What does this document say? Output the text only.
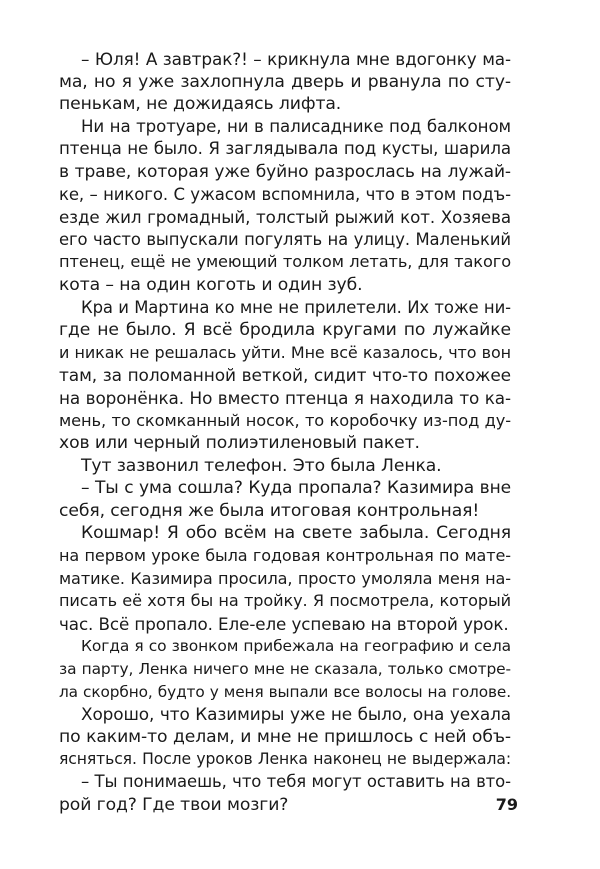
– Юля! А завтрак?! – крикнула мне вдогонку ма-
ма, но я уже захлопнула дверь и рванула по сту-
пенькам, не дожидаясь лифта.
Ни на тротуаре, ни в палисаднике под балконом
птенца не было. Я заглядывала под кусты, шарила
в траве, которая уже буйно разрослась на лужай-
ке, – никого. С ужасом вспомнила, что в этом подъ-
езде жил громадный, толстый рыжий кот. Хозяева
его часто выпускали погулять на улицу. Маленький
птенец, ещё не умеющий толком летать, для такого
кота – на один коготь и один зуб.
Кра и Мартина ко мне не прилетели. Их тоже ни-
где не было. Я всё бродила кругами по лужайке
и никак не решалась уйти. Мне всё казалось, что вон
там, за поломанной веткой, сидит что-то похожее
на воронёнка. Но вместо птенца я находила то ка-
мень, то скомканный носок, то коробочку из-под ду-
хов или черный полиэтиленовый пакет.
Тут зазвонил телефон. Это была Ленка.
– Ты с ума сошла? Куда пропала? Казимира вне
себя, сегодня же была итоговая контрольная!
Кошмар! Я обо всём на свете забыла. Сегодня
на первом уроке была годовая контрольная по мате-
матике. Казимира просила, просто умоляла меня на-
писать её хотя бы на тройку. Я посмотрела, который
час. Всё пропало. Еле-еле успеваю на второй урок.
Когда я со звонком прибежала на географию и села
за парту, Ленка ничего мне не сказала, только смотре-
ла скорбно, будто у меня выпали все волосы на голове.
Хорошо, что Казимиры уже не было, она уехала
по каким-то делам, и мне не пришлось с ней объ-
ясняться. После уроков Ленка наконец не выдержала:
– Ты понимаешь, что тебя могут оставить на вто-
рой год? Где твои мозги?	79
